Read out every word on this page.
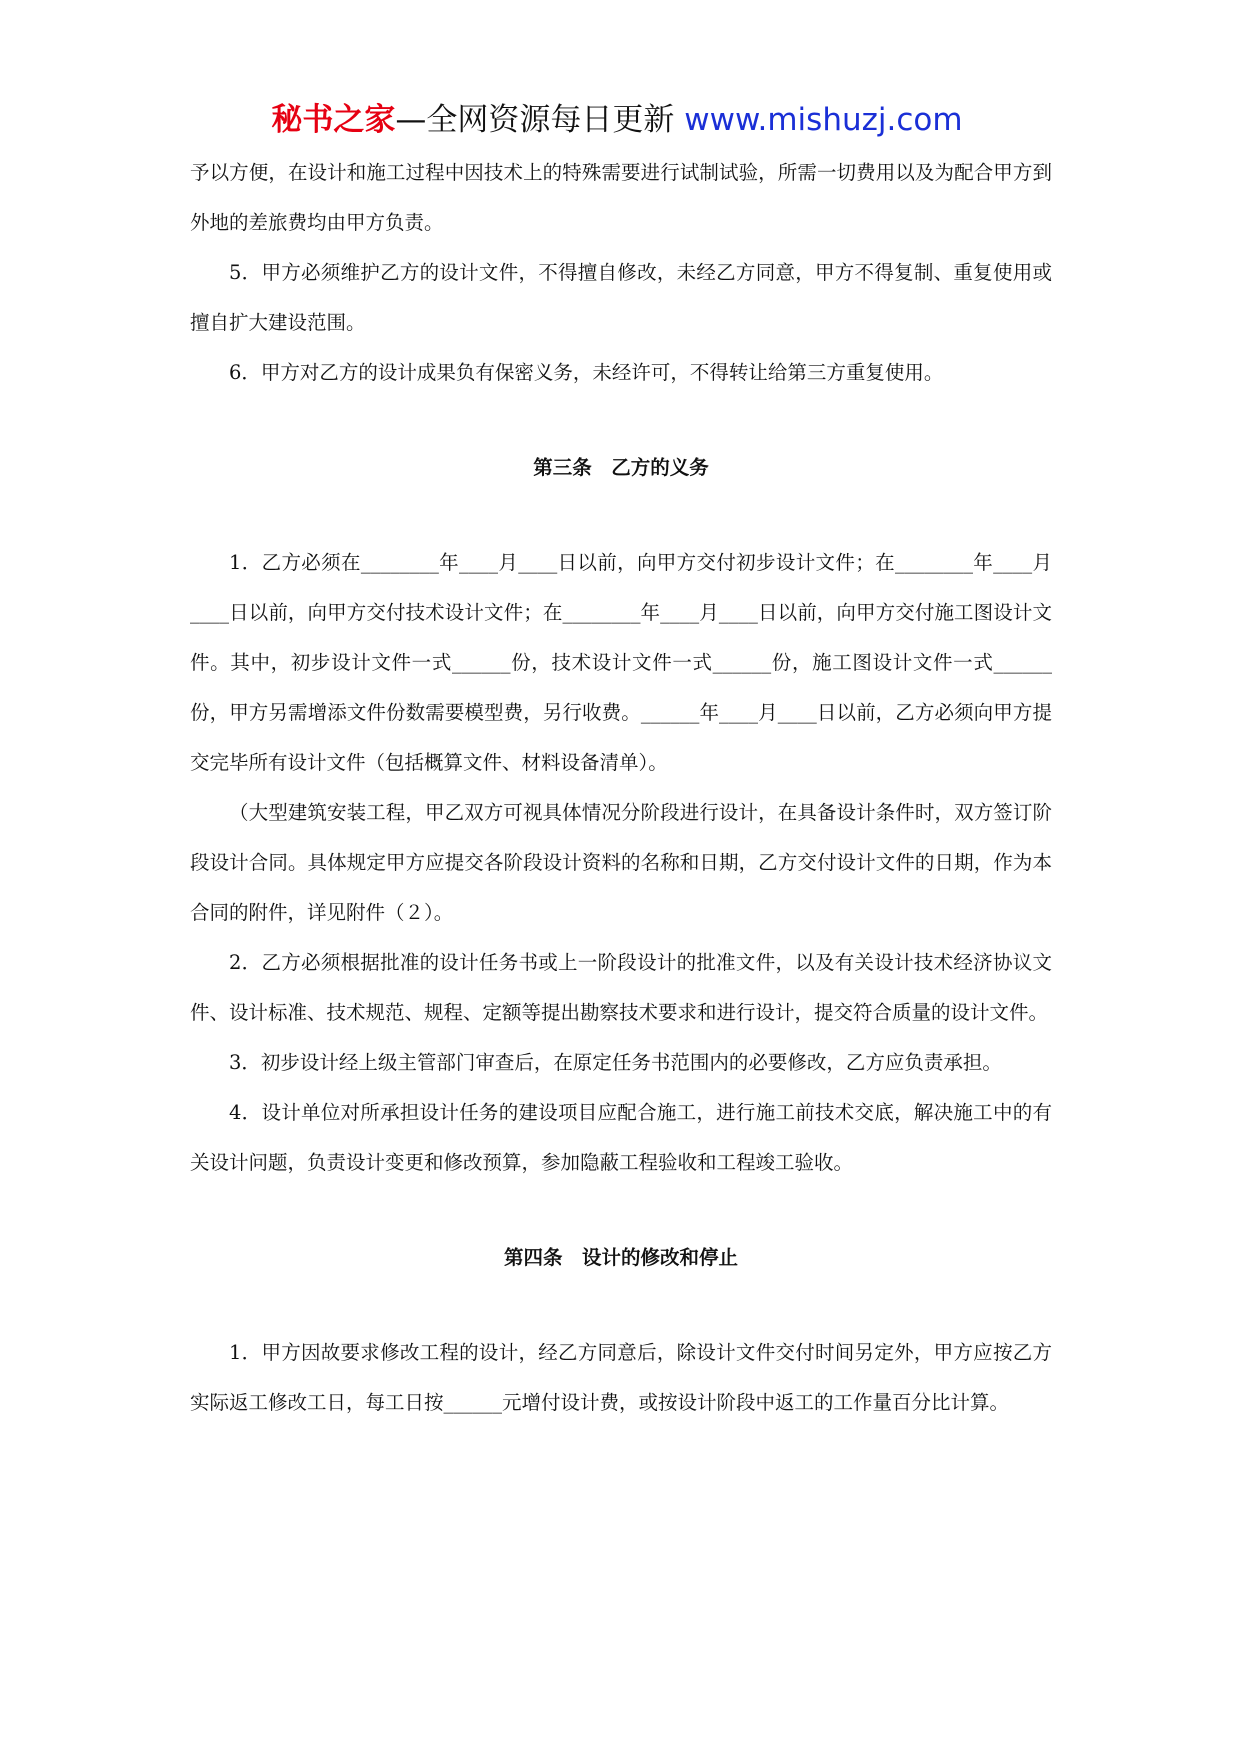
秘书之家—全网资源每日更新 www.mishuzj.com

予以方便，在设计和施工过程中因技术上的特殊需要进行试制试验，所需一切费用以及为配合甲方到外地的差旅费均由甲方负责。

5．甲方必须维护乙方的设计文件，不得擅自修改，未经乙方同意，甲方不得复制、重复使用或擅自扩大建设范围。

6．甲方对乙方的设计成果负有保密义务，未经许可，不得转让给第三方重复使用。

第三条　乙方的义务

1．乙方必须在________年____月____日以前，向甲方交付初步设计文件；在________年____月____日以前，向甲方交付技术设计文件；在________年____月____日以前，向甲方交付施工图设计文件。其中，初步设计文件一式______份，技术设计文件一式______份，施工图设计文件一式______份，甲方另需增添文件份数需要模型费，另行收费。______年____月____日以前，乙方必须向甲方提交完毕所有设计文件（包括概算文件、材料设备清单）。

（大型建筑安装工程，甲乙双方可视具体情况分阶段进行设计，在具备设计条件时，双方签订阶段设计合同。具体规定甲方应提交各阶段设计资料的名称和日期，乙方交付设计文件的日期，作为本合同的附件，详见附件（２）。

2．乙方必须根据批准的设计任务书或上一阶段设计的批准文件，以及有关设计技术经济协议文件、设计标准、技术规范、规程、定额等提出勘察技术要求和进行设计，提交符合质量的设计文件。

3．初步设计经上级主管部门审查后，在原定任务书范围内的必要修改，乙方应负责承担。

4．设计单位对所承担设计任务的建设项目应配合施工，进行施工前技术交底，解决施工中的有关设计问题，负责设计变更和修改预算，参加隐蔽工程验收和工程竣工验收。

第四条　设计的修改和停止

1．甲方因故要求修改工程的设计，经乙方同意后，除设计文件交付时间另定外，甲方应按乙方实际返工修改工日，每工日按______元增付设计费，或按设计阶段中返工的工作量百分比计算。
